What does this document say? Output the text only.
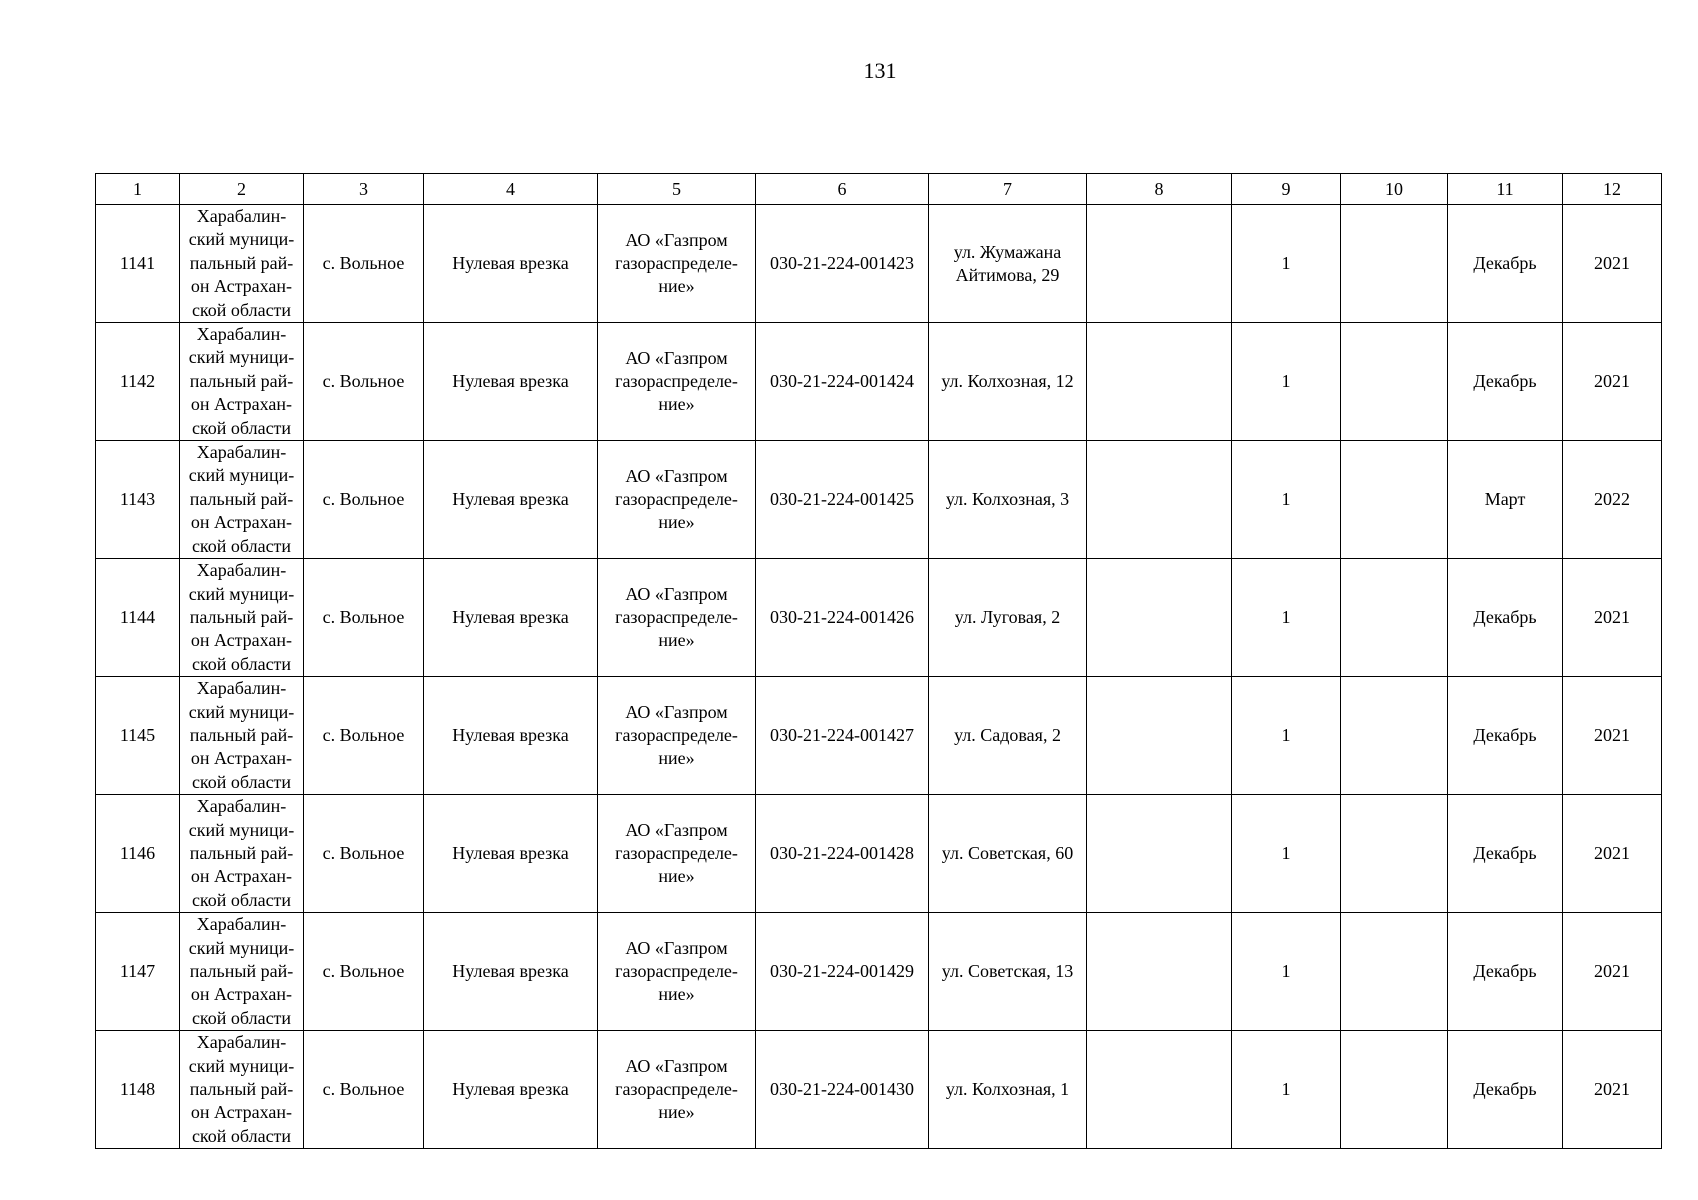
131
1	2	3	4	5	6	7	8	9	10	11	12
1141	Харабалин-
ский муници-
пальный рай-
он Астрахан-
ской области	с. Вольное	Нулевая врезка	АО «Газпром
газораспределе-
ние»	030-21-224-001423	ул. Жумажана
Айтимова, 29		1		Декабрь	2021
1142	Харабалин-
ский муници-
пальный рай-
он Астрахан-
ской области	с. Вольное	Нулевая врезка	АО «Газпром
газораспределе-
ние»	030-21-224-001424	ул. Колхозная, 12		1		Декабрь	2021
1143	Харабалин-
ский муници-
пальный рай-
он Астрахан-
ской области	с. Вольное	Нулевая врезка	АО «Газпром
газораспределе-
ние»	030-21-224-001425	ул. Колхозная, 3		1		Март	2022
1144	Харабалин-
ский муници-
пальный рай-
он Астрахан-
ской области	с. Вольное	Нулевая врезка	АО «Газпром
газораспределе-
ние»	030-21-224-001426	ул. Луговая, 2		1		Декабрь	2021
1145	Харабалин-
ский муници-
пальный рай-
он Астрахан-
ской области	с. Вольное	Нулевая врезка	АО «Газпром
газораспределе-
ние»	030-21-224-001427	ул. Садовая, 2		1		Декабрь	2021
1146	Харабалин-
ский муници-
пальный рай-
он Астрахан-
ской области	с. Вольное	Нулевая врезка	АО «Газпром
газораспределе-
ние»	030-21-224-001428	ул. Советская, 60		1		Декабрь	2021
1147	Харабалин-
ский муници-
пальный рай-
он Астрахан-
ской области	с. Вольное	Нулевая врезка	АО «Газпром
газораспределе-
ние»	030-21-224-001429	ул. Советская, 13		1		Декабрь	2021
1148	Харабалин-
ский муници-
пальный рай-
он Астрахан-
ской области	с. Вольное	Нулевая врезка	АО «Газпром
газораспределе-
ние»	030-21-224-001430	ул. Колхозная, 1		1		Декабрь	2021
